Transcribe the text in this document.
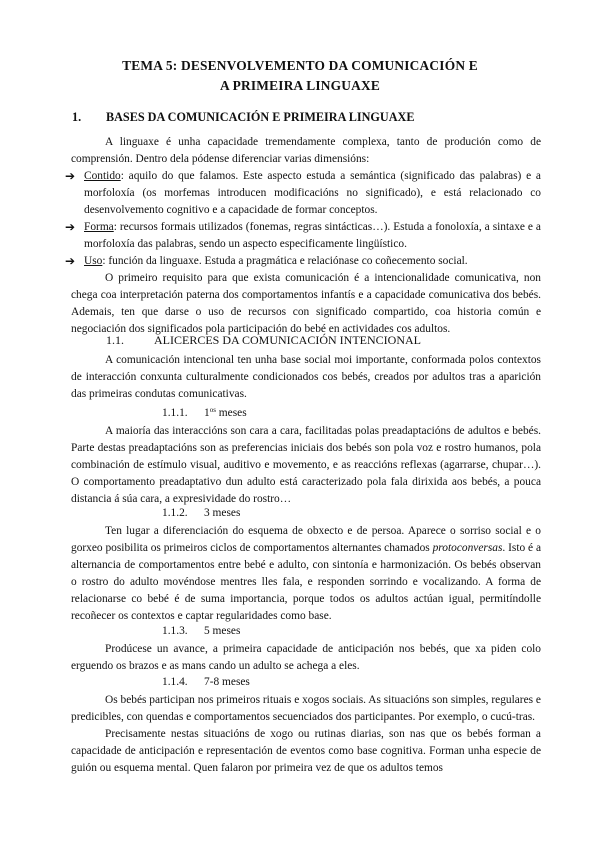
TEMA 5: DESENVOLVEMENTO DA COMUNICACIÓN E
A PRIMEIRA LINGUAXE
1. BASES DA COMUNICACIÓN E PRIMEIRA LINGUAXE

A linguaxe é unha capacidade tremendamente complexa, tanto de produción como de comprensión. Dentro dela pódense diferenciar varias dimensións:

➔ Contido: aquilo do que falamos. Este aspecto estuda a semántica (significado das palabras) e a morfoloxía (os morfemas introducen modificacións no significado), e está relacionado co desenvolvemento cognitivo e a capacidade de formar conceptos.
➔ Forma: recursos formais utilizados (fonemas, regras sintácticas…). Estuda a fonoloxía, a sintaxe e a morfoloxía das palabras, sendo un aspecto especificamente lingüístico.
➔ Uso: función da linguaxe. Estuda a pragmática e relaciónase co coñecemento social.

O primeiro requisito para que exista comunicación é a intencionalidade comunicativa, non chega coa interpretación paterna dos comportamentos infantís e a capacidade comunicativa dos bebés. Ademais, ten que darse o uso de recursos con significado compartido, coa historia común e negociación dos significados pola participación do bebé en actividades cos adultos.

1.1.	ALICERCES DA COMUNICACIÓN INTENCIONAL

A comunicación intencional ten unha base social moi importante, conformada polos contextos de interacción conxunta culturalmente condicionados cos bebés, creados por adultos tras a aparición das primeiras condutas comunicativas.

1.1.1. $1^{os}$ meses

A maioría das interaccións son cara a cara, facilitadas polas preadaptacións de adultos e bebés. Parte destas preadaptacións son as preferencias iniciais dos bebés son pola voz e rostro humanos, pola combinación de estímulo visual, auditivo e movemento, e as reaccións reflexas (agarrarse, chupar…). O comportamento preadaptativo dun adulto está caracterizado pola fala dirixida aos bebés, a pouca distancia á súa cara, a expresividade do rostro…

1.1.2. 3 meses

Ten lugar a diferenciación do esquema de obxecto e de persoa. Aparece o sorriso social e o gorxeo posibilita os primeiros ciclos de comportamentos alternantes chamados protoconversas. Isto é a alternancia de comportamentos entre bebé e adulto, con sintonía e harmonización. Os bebés observan o rostro do adulto movéndose mentres lles fala, e responden sorrindo e vocalizando. A forma de relacionarse co bebé é de suma importancia, porque todos os adultos actúan igual, permitíndolle recoñecer os contextos e captar regularidades como base.

1.1.3. 5 meses

Prodúcese un avance, a primeira capacidade de anticipación nos bebés, que xa piden colo erguendo os brazos e as mans cando un adulto se achega a eles.

1.1.4. 7-8 meses

Os bebés participan nos primeiros rituais e xogos sociais. As situacións son simples, regulares e predicibles, con quendas e comportamentos secuenciados dos participantes. Por exemplo, o cucú-tras.

Precisamente nestas situacións de xogo ou rutinas diarias, son nas que os bebés forman a capacidade de anticipación e representación de eventos como base cognitiva. Forman unha especie de guión ou esquema mental. Quen falaron por primeira vez de que os adultos temos
